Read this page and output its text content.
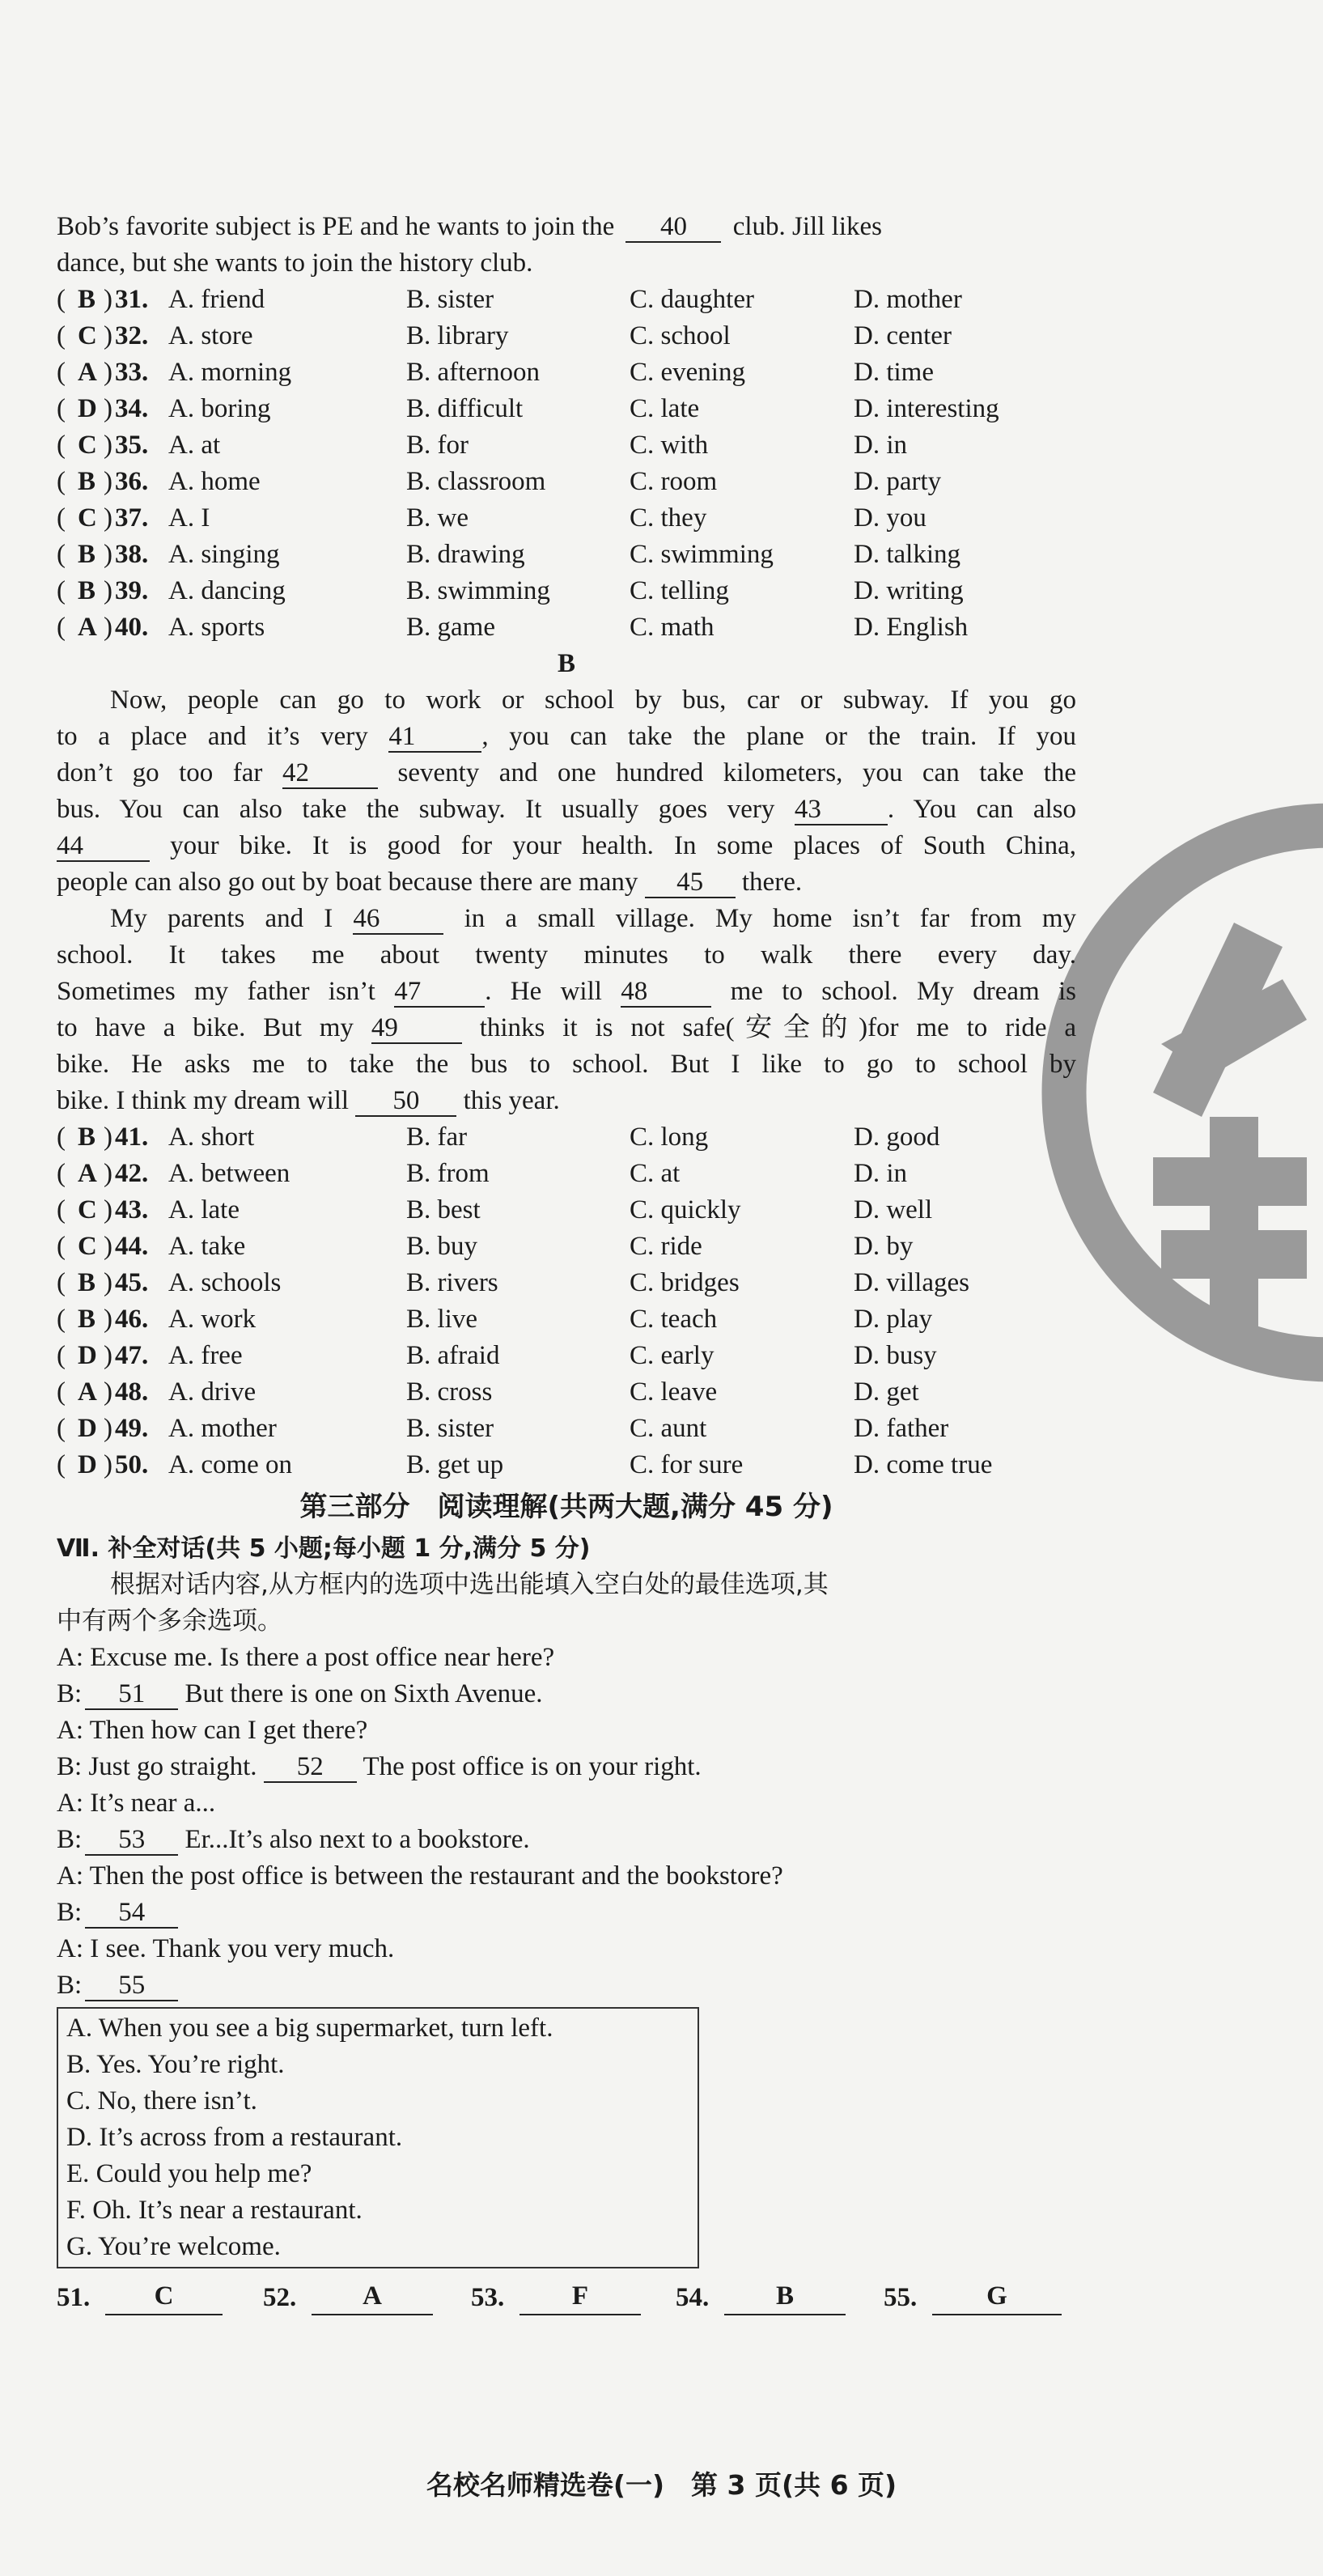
Bob’s favorite subject is PE and he wants to join the 40 club. Jill likes
dance, but she wants to join the history club.
( B ) 31. A. friend	B. sister	C. daughter	D. mother
( C ) 32. A. store	B. library	C. school	D. center
( A ) 33. A. morning	B. afternoon	C. evening	D. time
( D ) 34. A. boring	B. difficult	C. late	D. interesting
( C ) 35. A. at	B. for	C. with	D. in
( B ) 36. A. home	B. classroom	C. room	D. party
( C ) 37. A. I	B. we	C. they	D. you
( B ) 38. A. singing	B. drawing	C. swimming	D. talking
( B ) 39. A. dancing	B. swimming	C. telling	D. writing
( A ) 40. A. sports	B. game	C. math	D. English
B
Now, people can go to work or school by bus, car or subway. If you go
to a place and it’s very 41 , you can take the plane or the train. If you
don’t go too far 42	seventy and one hundred kilometers, you can take the
bus. You can also take the subway. It usually goes very 43 . You can also
44	your bike. It is good for your health. In some places of South China,
people can also go out by boat because there are many 45 there.
My parents and I 46	in a small village. My home isn’t far from my
school. It takes me about twenty minutes to walk there every day.
Sometimes my father isn’t 47 . He will 48	me to school. My dream is
to have a bike. But my 49	thinks it is not safe(安全的)for me to ride a
bike. He asks me to take the bus to school. But I like to go to school by
bike. I think my dream will 50 this year.
( B ) 41. A. short	B. far	C. long	D. good
( A ) 42. A. between	B. from	C. at	D. in
( C ) 43. A. late	B. best	C. quickly	D. well
( C ) 44. A. take	B. buy	C. ride	D. by
( B ) 45. A. schools	B. rivers	C. bridges	D. villages
( B ) 46. A. work	B. live	C. teach	D. play
( D ) 47. A. free	B. afraid	C. early	D. busy
( A ) 48. A. drive	B. cross	C. leave	D. get
( D ) 49. A. mother	B. sister	C. aunt	D. father
( D ) 50. A. come on	B. get up	C. for sure	D. come true
第三部分　阅读理解(共两大题,满分 45 分)
Ⅶ. 补全对话(共 5 小题;每小题 1 分,满分 5 分)
根据对话内容,从方框内的选项中选出能填入空白处的最佳选项,其
中有两个多余选项。
A: Excuse me. Is there a post office near here?
B: 51 But there is one on Sixth Avenue.
A: Then how can I get there?
B: Just go straight. 52 The post office is on your right.
A: It’s near a...
B: 53 Er...It’s also next to a bookstore.
A: Then the post office is between the restaurant and the bookstore?
B: 54
A: I see. Thank you very much.
B: 55
A. When you see a big supermarket, turn left.
B. Yes. You’re right.
C. No, there isn’t.
D. It’s across from a restaurant.
E. Could you help me?
F. Oh. It’s near a restaurant.
G. You’re welcome.
51.	C	52.	A	53.	F	54.	B	55.	G
名校名师精选卷(一)　第 3 页(共 6 页)
